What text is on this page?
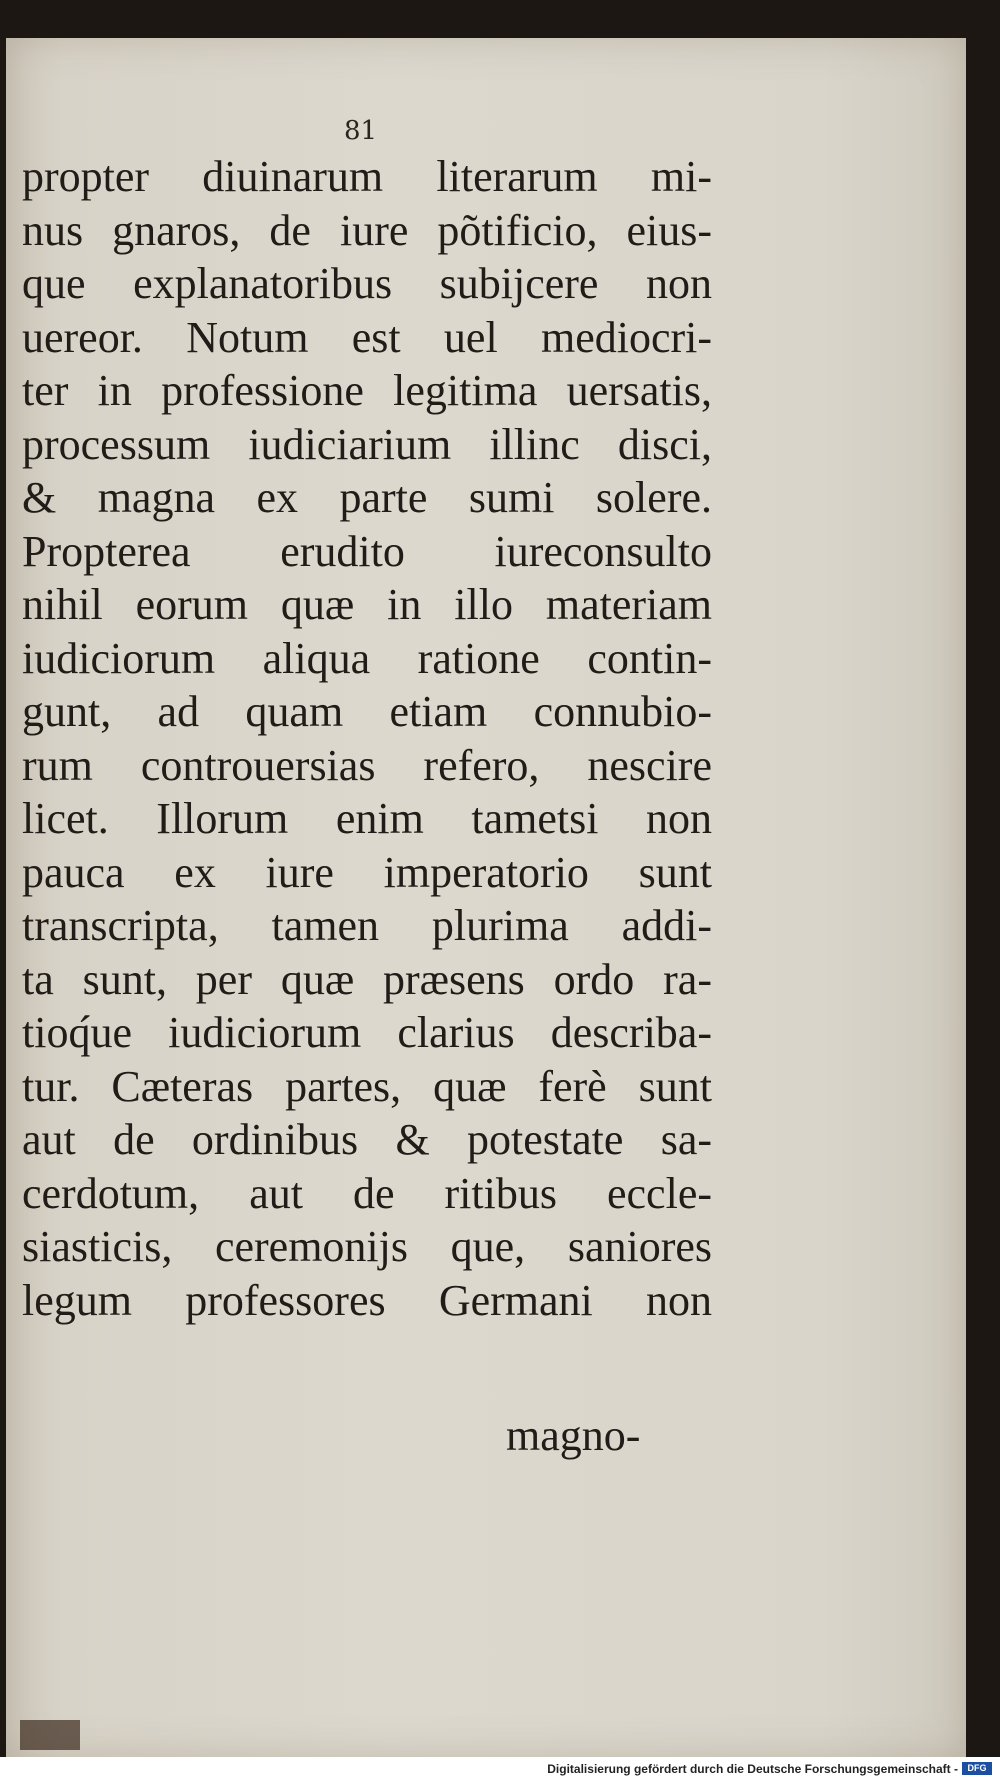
81
propter diuinarum literarum mi-
nus gnaros, de iure põtificio, eius-
que explanatoribus subijcere non
uereor. Notum est uel mediocri-
ter in professione legitima uersatis,
processum iudiciarium illinc disci,
& magna ex parte sumi solere.
Propterea erudito iureconsulto
nihil eorum quæ in illo materiam
iudiciorum aliqua ratione contin-
gunt, ad quam etiam connubio-
rum controuersias refero, nescire
licet. Illorum enim tametsi non
pauca ex iure imperatorio sunt
transcripta, tamen plurima addi-
ta sunt, per quæ præsens ordo ra-
tioq́ue iudiciorum clarius describa-
tur. Cæteras partes, quæ ferè sunt
aut de ordinibus & potestate sa-
cerdotum, aut de ritibus eccle-
siasticis, ceremonijs que, saniores
legum professores Germani non
magno-
Digitalisierung gefördert durch die Deutsche Forschungsgemeinschaft -	DFG
